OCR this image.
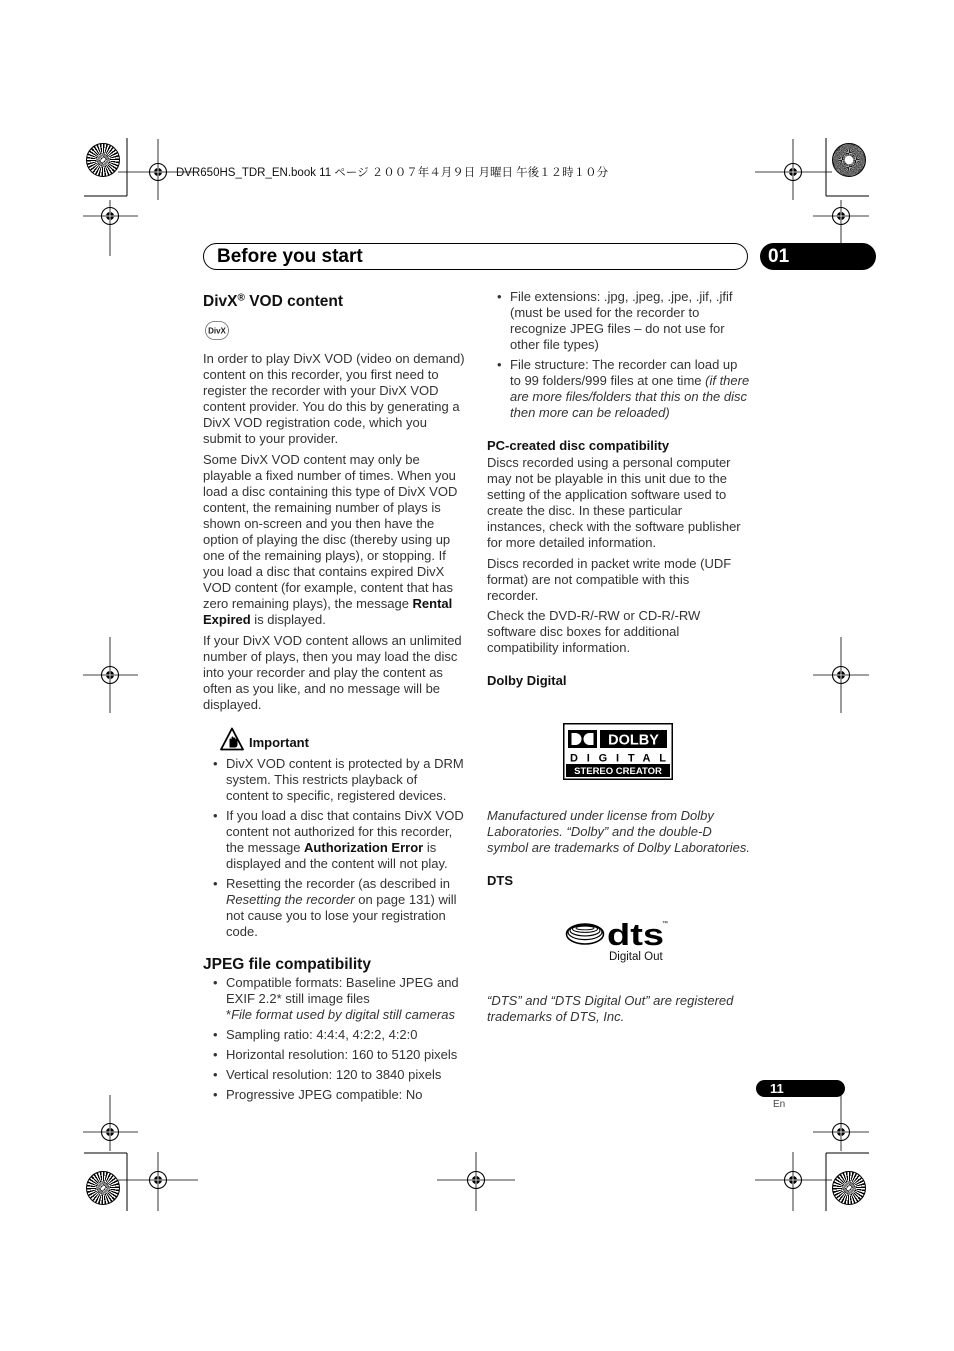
DVR650HS_TDR_EN.book 11 ページ ２００７年４月９日 月曜日 午後１２時１０分
Before you start	01
DivX® VOD content
DivX
In order to play DivX VOD (video on demand)
content on this recorder, you first need to
register the recorder with your DivX VOD
content provider. You do this by generating a
DivX VOD registration code, which you
submit to your provider.
Some DivX VOD content may only be
playable a fixed number of times. When you
load a disc containing this type of DivX VOD
content, the remaining number of plays is
shown on-screen and you then have the
option of playing the disc (thereby using up
one of the remaining plays), or stopping. If
you load a disc that contains expired DivX
VOD content (for example, content that has
zero remaining plays), the message Rental
Expired is displayed.
If your DivX VOD content allows an unlimited
number of plays, then you may load the disc
into your recorder and play the content as
often as you like, and no message will be
displayed.
Important
• DivX VOD content is protected by a DRM
system. This restricts playback of
content to specific, registered devices.
• If you load a disc that contains DivX VOD
content not authorized for this recorder,
the message Authorization Error is
displayed and the content will not play.
• Resetting the recorder (as described in
Resetting the recorder on page 131) will
not cause you to lose your registration
code.
JPEG file compatibility
• Compatible formats: Baseline JPEG and
EXIF 2.2* still image files
*File format used by digital still cameras
• Sampling ratio: 4:4:4, 4:2:2, 4:2:0
• Horizontal resolution: 160 to 5120 pixels
• Vertical resolution: 120 to 3840 pixels
• Progressive JPEG compatible: No
• File extensions: .jpg, .jpeg, .jpe, .jif, .jfif
(must be used for the recorder to
recognize JPEG files – do not use for
other file types)
• File structure: The recorder can load up
to 99 folders/999 files at one time (if there
are more files/folders that this on the disc
then more can be reloaded)
PC-created disc compatibility
Discs recorded using a personal computer
may not be playable in this unit due to the
setting of the application software used to
create the disc. In these particular
instances, check with the software publisher
for more detailed information.
Discs recorded in packet write mode (UDF
format) are not compatible with this
recorder.
Check the DVD-R/-RW or CD-R/-RW
software disc boxes for additional
compatibility information.
Dolby Digital
DOLBY
DIGITAL
STEREO CREATOR
Manufactured under license from Dolby
Laboratories. “Dolby” and the double-D
symbol are trademarks of Dolby Laboratories.
DTS
dts
™
Digital Out
“DTS” and “DTS Digital Out” are registered
trademarks of DTS, Inc.
11
En
